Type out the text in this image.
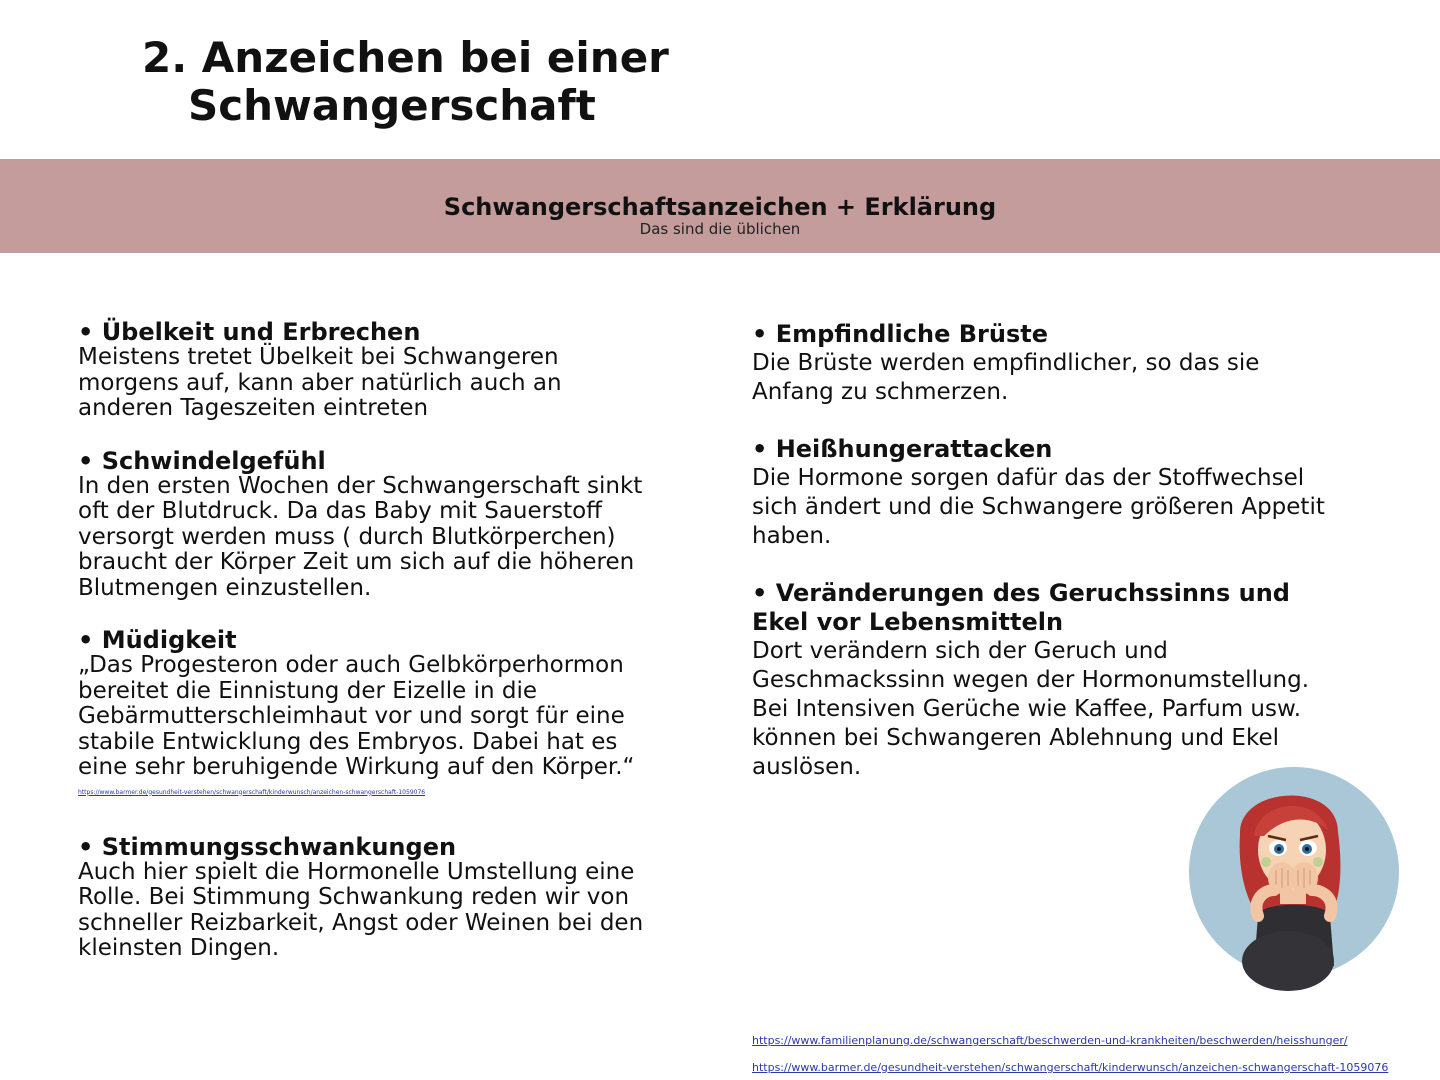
2. Anzeichen bei einer
Schwangerschaft
Schwangerschaftsanzeichen + Erklärung
Das sind die üblichen
• Übelkeit und Erbrechen

Meistens tretet Übelkeit bei Schwangeren morgens auf, kann aber natürlich auch an anderen Tageszeiten eintreten

• Schwindelgefühl

In den ersten Wochen der Schwangerschaft sinkt oft der Blutdruck. Da das Baby mit Sauerstoff versorgt werden muss ( durch Blutkörperchen) braucht der Körper Zeit um sich auf die höheren Blutmengen einzustellen.

• Müdigkeit

„Das Progesteron oder auch Gelbkörperhormon bereitet die Einnistung der Eizelle in die Gebärmutterschleimhaut vor und sorgt für eine stabile Entwicklung des Embryos. Dabei hat es eine sehr beruhigende Wirkung auf den Körper.“

https://www.barmer.de/gesundheit-verstehen/schwangerschaft/kinderwunsch/anzeichen-schwangerschaft-1059076
• Stimmungsschwankungen

Auch hier spielt die Hormonelle Umstellung eine Rolle. Bei Stimmung Schwankung reden wir von schneller Reizbarkeit, Angst oder Weinen bei den kleinsten Dingen.

• Empfindliche Brüste

Die Brüste werden empfindlicher, so das sie Anfang zu schmerzen.

• Heißhungerattacken

Die Hormone sorgen dafür das der Stoffwechsel sich ändert und die Schwangere größeren Appetit haben.

• Veränderungen des Geruchssinns und Ekel vor Lebensmitteln

Dort verändern sich der Geruch und Geschmackssinn wegen der Hormonumstellung. Bei Intensiven Gerüche wie Kaffee, Parfum usw. können bei Schwangeren Ablehnung und Ekel auslösen.

https://www.familienplanung.de/schwangerschaft/beschwerden-und-krankheiten/beschwerden/heisshunger/
https://www.barmer.de/gesundheit-verstehen/schwangerschaft/kinderwunsch/anzeichen-schwangerschaft-1059076
